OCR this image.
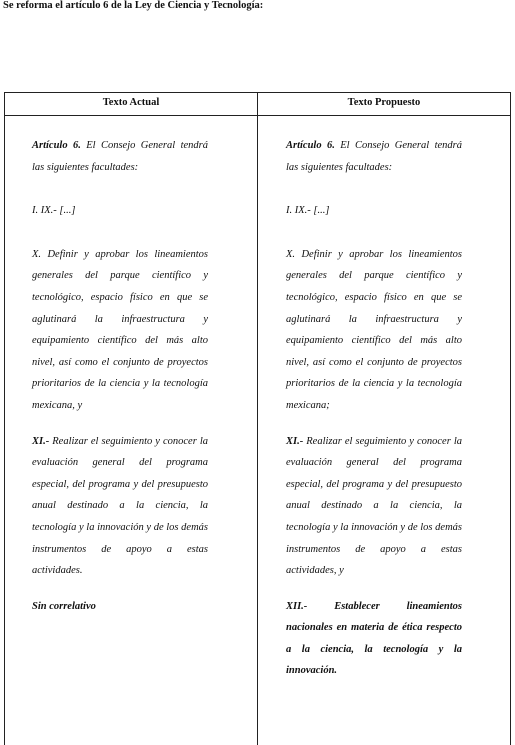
Se reforma el artículo 6 de la Ley de Ciencia y Tecnología:
Texto Actual	Texto Propuesto

Artículo 6. El Consejo General tendrá las siguientes facultades:

I. IX.- [...]

X. Definir y aprobar los lineamientos generales del parque científico y tecnológico, espacio físico en que se aglutinará la infraestructura y equipamiento científico del más alto nivel, así como el conjunto de proyectos prioritarios de la ciencia y la tecnología mexicana, y

XI.- Realizar el seguimiento y conocer la evaluación general del programa especial, del programa y del presupuesto anual destinado a la ciencia, la tecnología y la innovación y de los demás instrumentos de apoyo a estas actividades.

Sin correlativo

Artículo 6. El Consejo General tendrá las siguientes facultades:

I. IX.- [...]

X. Definir y aprobar los lineamientos generales del parque científico y tecnológico, espacio físico en que se aglutinará la infraestructura y equipamiento científico del más alto nivel, así como el conjunto de proyectos prioritarios de la ciencia y la tecnología mexicana;

XI.- Realizar el seguimiento y conocer la evaluación general del programa especial, del programa y del presupuesto anual destinado a la ciencia, la tecnología y la innovación y de los demás instrumentos de apoyo a estas actividades, y

XII.-	Establecer lineamientos nacionales en materia de ética respecto a la ciencia, la tecnología y la innovación.
